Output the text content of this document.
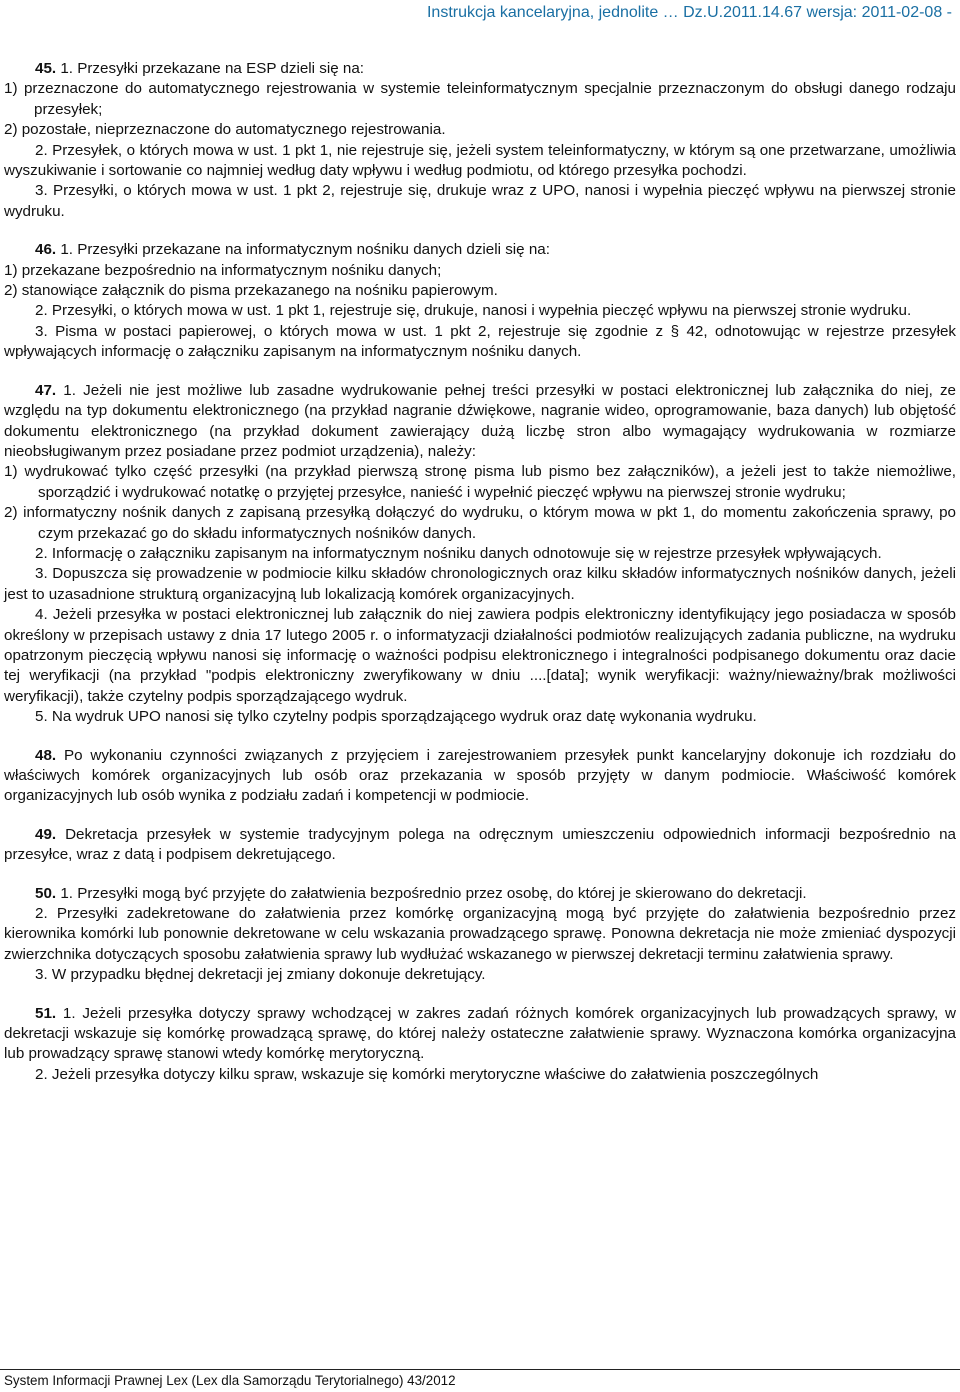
Instrukcja kancelaryjna, jednolite … Dz.U.2011.14.67 wersja: 2011-02-08 -

45. 1. Przesyłki przekazane na ESP dzieli się na:

1) przeznaczone do automatycznego rejestrowania w systemie teleinformatycznym specjalnie przeznaczonym do obsługi danego rodzaju przesyłek;

2) pozostałe, nieprzeznaczone do automatycznego rejestrowania.

2. Przesyłek, o których mowa w ust. 1 pkt 1, nie rejestruje się, jeżeli system teleinformatyczny, w którym są one przetwarzane, umożliwia wyszukiwanie i sortowanie co najmniej według daty wpływu i według podmiotu, od którego przesyłka pochodzi.

3. Przesyłki, o których mowa w ust. 1 pkt 2, rejestruje się, drukuje wraz z UPO, nanosi i wypełnia pieczęć wpływu na pierwszej stronie wydruku.

46. 1. Przesyłki przekazane na informatycznym nośniku danych dzieli się na:

1) przekazane bezpośrednio na informatycznym nośniku danych;

2) stanowiące załącznik do pisma przekazanego na nośniku papierowym.

2. Przesyłki, o których mowa w ust. 1 pkt 1, rejestruje się, drukuje, nanosi i wypełnia pieczęć wpływu na pierwszej stronie wydruku.

3. Pisma w postaci papierowej, o których mowa w ust. 1 pkt 2, rejestruje się zgodnie z § 42, odnotowując w rejestrze przesyłek wpływających informację o załączniku zapisanym na informatycznym nośniku danych.

47. 1. Jeżeli nie jest możliwe lub zasadne wydrukowanie pełnej treści przesyłki w postaci elektronicznej lub załącznika do niej, ze względu na typ dokumentu elektronicznego (na przykład nagranie dźwiękowe, nagranie wideo, oprogramowanie, baza danych) lub objętość dokumentu elektronicznego (na przykład dokument zawierający dużą liczbę stron albo wymagający wydrukowania w rozmiarze nieobsługiwanym przez posiadane przez podmiot urządzenia), należy:

1) wydrukować tylko część przesyłki (na przykład pierwszą stronę pisma lub pismo bez załączników), a jeżeli jest to także niemożliwe, sporządzić i wydrukować notatkę o przyjętej przesyłce, nanieść i wypełnić pieczęć wpływu na pierwszej stronie wydruku;

2) informatyczny nośnik danych z zapisaną przesyłką dołączyć do wydruku, o którym mowa w pkt 1, do momentu zakończenia sprawy, po czym przekazać go do składu informatycznych nośników danych.

2. Informację o załączniku zapisanym na informatycznym nośniku danych odnotowuje się w rejestrze przesyłek wpływających.

3. Dopuszcza się prowadzenie w podmiocie kilku składów chronologicznych oraz kilku składów informatycznych nośników danych, jeżeli jest to uzasadnione strukturą organizacyjną lub lokalizacją komórek organizacyjnych.

4. Jeżeli przesyłka w postaci elektronicznej lub załącznik do niej zawiera podpis elektroniczny identyfikujący jego posiadacza w sposób określony w przepisach ustawy z dnia 17 lutego 2005 r. o informatyzacji działalności podmiotów realizujących zadania publiczne, na wydruku opatrzonym pieczęcią wpływu nanosi się informację o ważności podpisu elektronicznego i integralności podpisanego dokumentu oraz dacie tej weryfikacji (na przykład "podpis elektroniczny zweryfikowany w dniu ....[data]; wynik weryfikacji: ważny/nieważny/brak możliwości weryfikacji), także czytelny podpis sporządzającego wydruk.

5. Na wydruk UPO nanosi się tylko czytelny podpis sporządzającego wydruk oraz datę wykonania wydruku.

48. Po wykonaniu czynności związanych z przyjęciem i zarejestrowaniem przesyłek punkt kancelaryjny dokonuje ich rozdziału do właściwych komórek organizacyjnych lub osób oraz przekazania w sposób przyjęty w danym podmiocie. Właściwość komórek organizacyjnych lub osób wynika z podziału zadań i kompetencji w podmiocie.

49. Dekretacja przesyłek w systemie tradycyjnym polega na odręcznym umieszczeniu odpowiednich informacji bezpośrednio na przesyłce, wraz z datą i podpisem dekretującego.

50. 1. Przesyłki mogą być przyjęte do załatwienia bezpośrednio przez osobę, do której je skierowano do dekretacji.

2. Przesyłki zadekretowane do załatwienia przez komórkę organizacyjną mogą być przyjęte do załatwienia bezpośrednio przez kierownika komórki lub ponownie dekretowane w celu wskazania prowadzącego sprawę. Ponowna dekretacja nie może zmieniać dyspozycji zwierzchnika dotyczących sposobu załatwienia sprawy lub wydłużać wskazanego w pierwszej dekretacji terminu załatwienia sprawy.

3. W przypadku błędnej dekretacji jej zmiany dokonuje dekretujący.

51. 1. Jeżeli przesyłka dotyczy sprawy wchodzącej w zakres zadań różnych komórek organizacyjnych lub prowadzących sprawy, w dekretacji wskazuje się komórkę prowadzącą sprawę, do której należy ostateczne załatwienie sprawy. Wyznaczona komórka organizacyjna lub prowadzący sprawę stanowi wtedy komórkę merytoryczną.

2. Jeżeli przesyłka dotyczy kilku spraw, wskazuje się komórki merytoryczne właściwe do załatwienia poszczególnych

System Informacji Prawnej Lex (Lex dla Samorządu Terytorialnego) 43/2012
